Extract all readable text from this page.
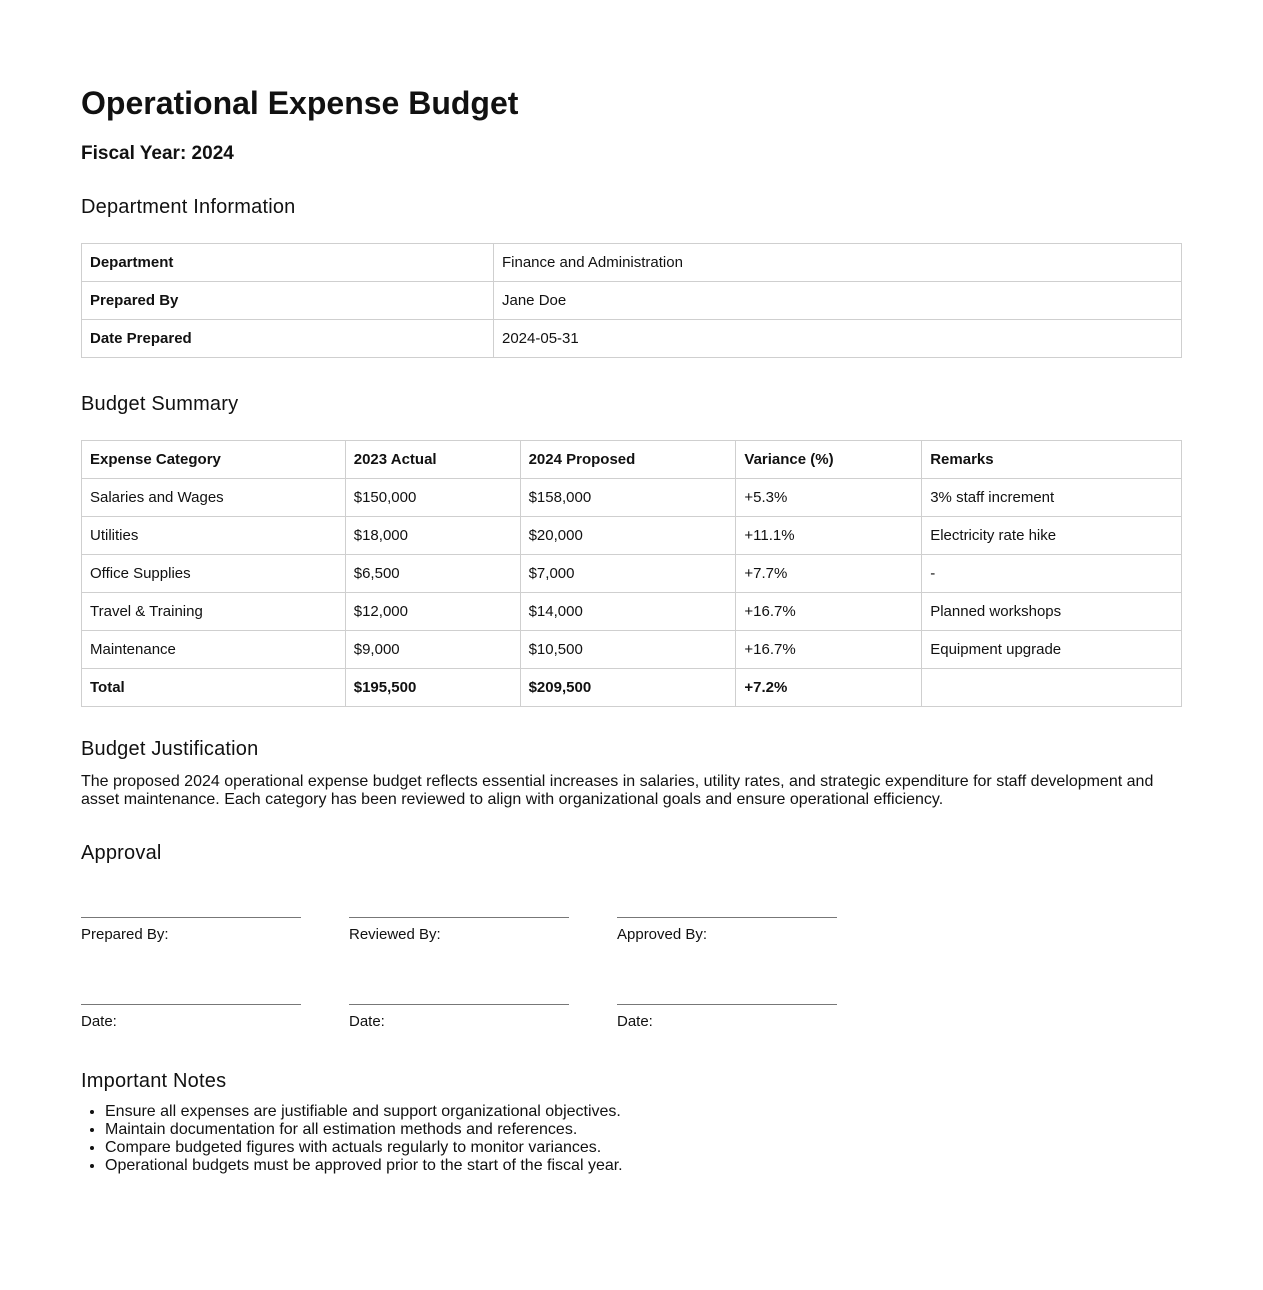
Operational Expense Budget
Fiscal Year: 2024
Department Information
Department	Finance and Administration
Prepared By	Jane Doe
Date Prepared	2024-05-31
Budget Summary
Expense Category	2023 Actual	2024 Proposed	Variance (%)	Remarks
Salaries and Wages	$150,000	$158,000	+5.3%	3% staff increment
Utilities	$18,000	$20,000	+11.1%	Electricity rate hike
Office Supplies	$6,500	$7,000	+7.7%	-
Travel & Training	$12,000	$14,000	+16.7%	Planned workshops
Maintenance	$9,000	$10,500	+16.7%	Equipment upgrade
Total	$195,500	$209,500	+7.2%	
Budget Justification

The proposed 2024 operational expense budget reflects essential increases in salaries, utility rates, and strategic expenditure for staff development and asset maintenance. Each category has been reviewed to align with organizational goals and ensure operational efficiency.

Approval
Prepared By:	Reviewed By:	Approved By:
Date:	Date:	Date:
Important Notes
• Ensure all expenses are justifiable and support organizational objectives.
• Maintain documentation for all estimation methods and references.
• Compare budgeted figures with actuals regularly to monitor variances.
• Operational budgets must be approved prior to the start of the fiscal year.
